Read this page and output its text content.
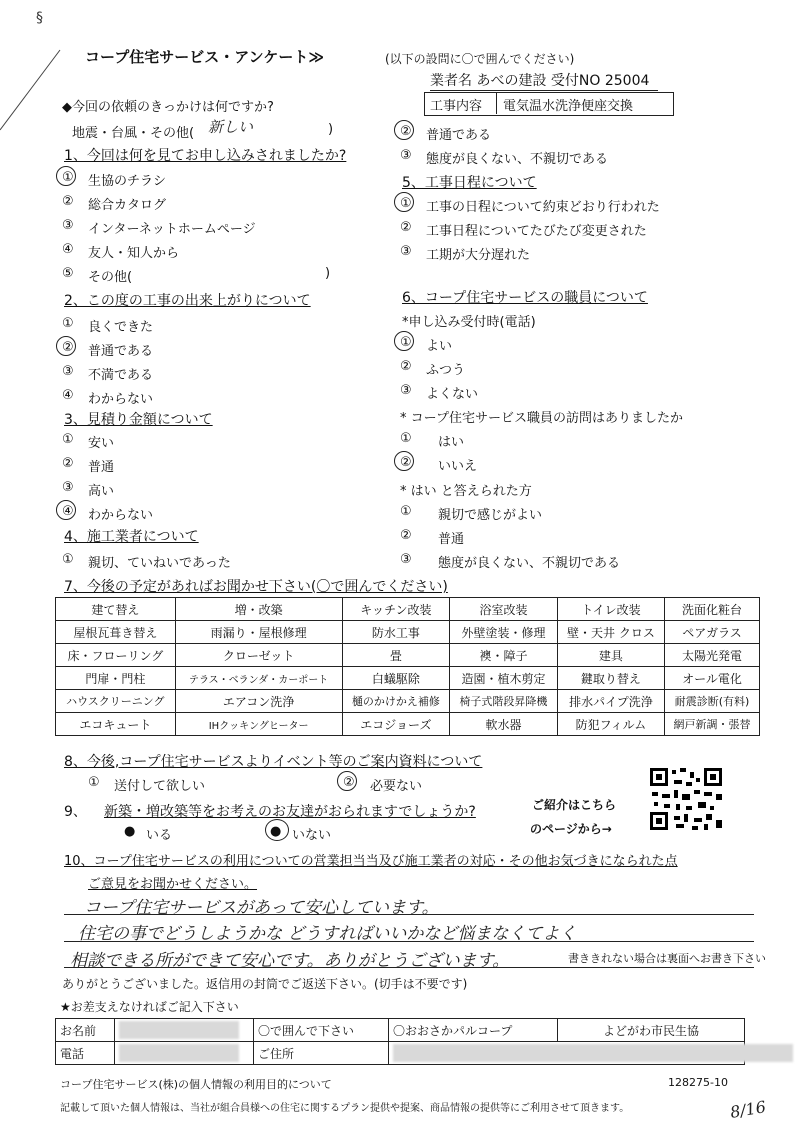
§
コープ住宅サービス・アンケート≫	(以下の設問に〇で囲んでください)
業者名 あべの建設 受付NO 25004
工事内容 電気温水洗浄便座交換
◆今回の依頼のきっかけは何ですか?
地震・台風・その他( 新しい	)
1、今回は何を見てお申し込みされましたか?
① 生協のチラシ
② 総合カタログ
③ インターネットホームページ
④ 友人・知人から
⑤ その他(	)
2、この度の工事の出来上がりについて
① 良くできた
② 普通である
③ 不満である
④ わからない
3、見積り金額について
① 安い
② 普通
③ 高い
④ わからない
4、施工業者について
① 親切、ていねいであった
② 普通である
③ 態度が良くない、不親切である
5、工事日程について
① 工事の日程について約束どおり行われた
② 工事日程についてたびたび変更された
③ 工期が大分遅れた
6、コープ住宅サービスの職員について
*申し込み受付時(電話)
① よい
② ふつう
③ よくない
* コープ住宅サービス職員の訪問はありましたか
① はい
② いいえ
* はい と答えられた方
① 親切で感じがよい
② 普通
③ 態度が良くない、不親切である
7、今後の予定があればお聞かせ下さい(〇で囲んでください)
建て替え	増・改築	キッチン改装	浴室改装	トイレ改装	洗面化粧台
屋根瓦葺き替え	雨漏り・屋根修理	防水工事	外壁塗装・修理	壁・天井 クロス	ペアガラス
床・フローリング	クローゼット	畳	襖・障子	建具	太陽光発電
門扉・門柱	テラス・ベランダ・カーポート	白蟻駆除	造園・植木剪定	鍵取り替え	オール電化
ハウスクリーニング	エアコン洗浄	樋のかけかえ補修	椅子式階段昇降機	排水パイプ洗浄	耐震診断(有料)
エコキュート	IHクッキングヒーター	エコジョーズ	軟水器	防犯フィルム	網戸新調・張替
8、今後,コープ住宅サービスよりイベント等のご案内資料について
① 送付して欲しい	② 必要ない
9、 新築・増改築等をお考えのお友達がおられますでしょうか?
● いる	● いない
ご紹介はこちら
のページから→
10、コープ住宅サービスの利用についての営業担当当及び施工業者の対応・その他お気づきになられた点
ご意見をお聞かせください。
コープ住宅サービスがあって安心しています。
住宅の事でどうしようかな どうすればいいかなど悩まなくてよく
相談できる所ができて安心です。ありがとうございます。	書ききれない場合は裏面へお書き下さい
ありがとうございました。返信用の封筒でご返送下さい。(切手は不要です)
★お差支えなければご記入下さい
お名前		〇で囲んで下さい	〇おおさかパルコープ	よどがわ市民生協
電話		ご住所		
コープ住宅サービス(株)の個人情報の利用目的について	128275-10
記載して頂いた個人情報は、当社が組合員様への住宅に関するプラン提供や提案、商品情報の提供等にご利用させて頂きます。	8/16
